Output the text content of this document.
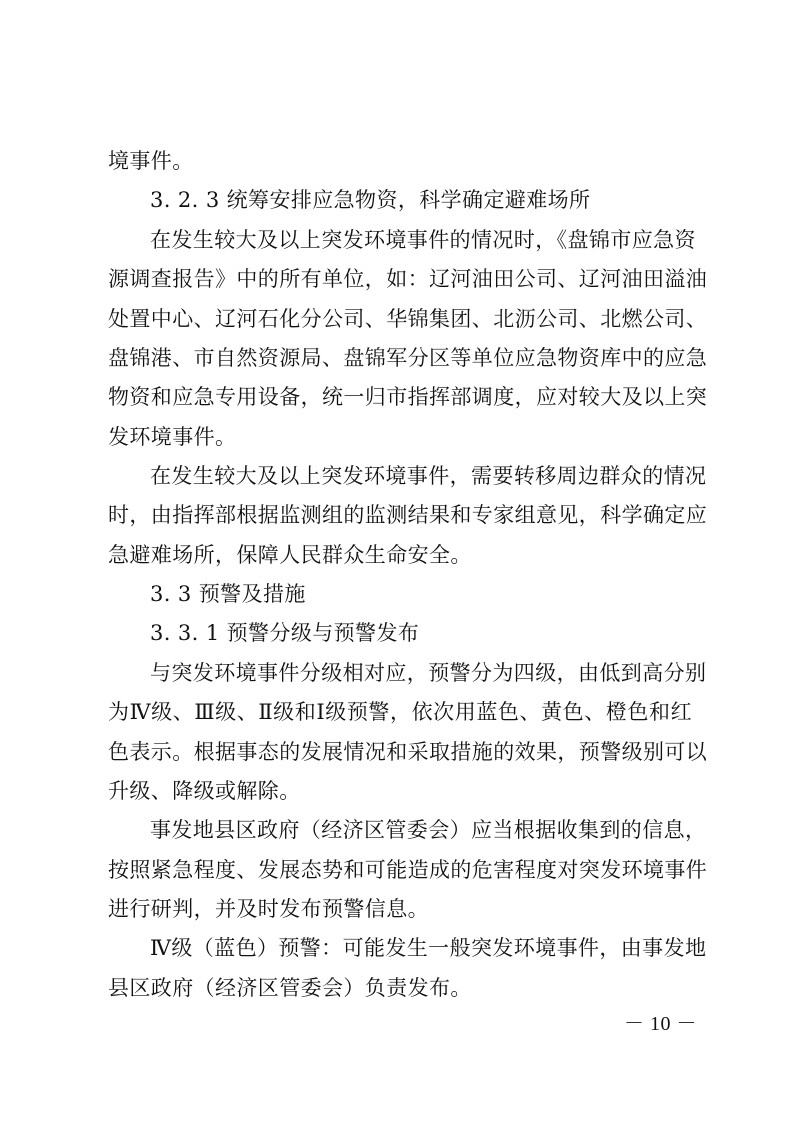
境事件。
3. 2. 3 统筹安排应急物资，科学确定避难场所
在发生较大及以上突发环境事件的情况时，《盘锦市应急资
源调查报告》中的所有单位，如：辽河油田公司、辽河油田溢油
处置中心、辽河石化分公司、华锦集团、北沥公司、北燃公司、
盘锦港、市自然资源局、盘锦军分区等单位应急物资库中的应急
物资和应急专用设备，统一归市指挥部调度，应对较大及以上突
发环境事件。
在发生较大及以上突发环境事件，需要转移周边群众的情况
时，由指挥部根据监测组的监测结果和专家组意见，科学确定应
急避难场所，保障人民群众生命安全。
3. 3 预警及措施
3. 3. 1 预警分级与预警发布
与突发环境事件分级相对应，预警分为四级，由低到高分别
为Ⅳ级、Ⅲ级、Ⅱ级和Ⅰ级预警，依次用蓝色、黄色、橙色和红
色表示。根据事态的发展情况和采取措施的效果，预警级别可以
升级、降级或解除。
事发地县区政府（经济区管委会）应当根据收集到的信息，
按照紧急程度、发展态势和可能造成的危害程度对突发环境事件
进行研判，并及时发布预警信息。
Ⅳ级（蓝色）预警：可能发生一般突发环境事件，由事发地
县区政府（经济区管委会）负责发布。
－ 10 －
